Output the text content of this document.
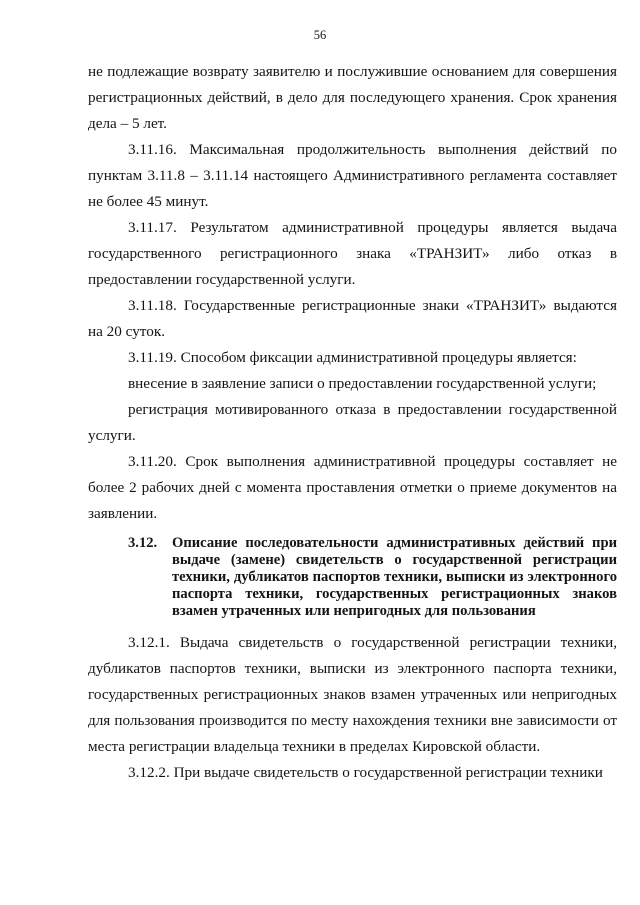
56

не подлежащие возврату заявителю и послужившие основанием для совершения регистрационных действий, в дело для последующего хранения. Срок хранения дела – 5 лет.

3.11.16. Максимальная продолжительность выполнения действий по пунктам 3.11.8 – 3.11.14 настоящего Административного регламента составляет не более 45 минут.

3.11.17. Результатом административной процедуры является выдача государственного регистрационного знака «ТРАНЗИТ» либо отказ в предоставлении государственной услуги.

3.11.18. Государственные регистрационные знаки «ТРАНЗИТ» выдаются на 20 суток.

3.11.19. Способом фиксации административной процедуры является:

внесение в заявление записи о предоставлении государственной услуги;

регистрация мотивированного отказа в предоставлении государственной услуги.

3.11.20. Срок выполнения административной процедуры составляет не более 2 рабочих дней с момента проставления отметки о приеме документов на заявлении.

3.12.	Описание последовательности административных действий при выдаче (замене) свидетельств о государственной регистрации техники, дубликатов паспортов техники, выписки из электронного паспорта техники, государственных регистрационных знаков взамен утраченных или непригодных для пользования

3.12.1. Выдача свидетельств о государственной регистрации техники, дубликатов паспортов техники, выписки из электронного паспорта техники, государственных регистрационных знаков взамен утраченных или непригодных для пользования производится по месту нахождения техники вне зависимости от места регистрации владельца техники в пределах Кировской области.

3.12.2. При выдаче свидетельств о государственной регистрации техники
